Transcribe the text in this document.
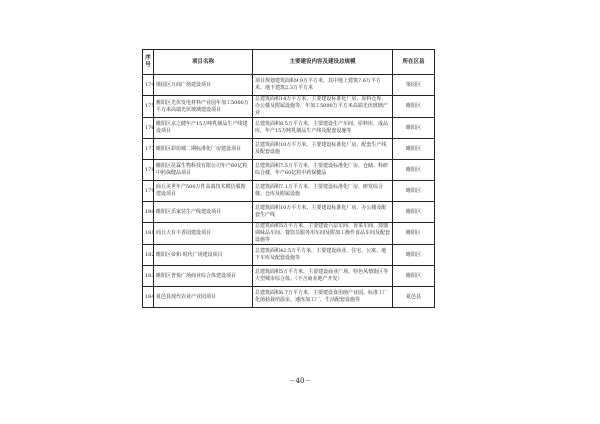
序号	项目名称	主要建设内容及建设总规模	所在区县
174	梁园区万商广场建设项目	项目规划建筑面积9.9万平方米，其中地上建筑7.6万平方米，地下建筑2.3万平方米	梁园区
175	雅阳区光伏发电材料产业园年加工5000万平方米高端光伏玻璃建设项目	总建筑面积14万平方米，主要建设标准化厂房、原料仓库、办公楼及附属设施等，年加工5000万平方米高端光伏玻璃产业	睢阳区
176	睢阳区京之健年产15万吨乳制品生产线建设项目	总建筑面积8.5万平方米，主要建设生产车间、原料库、成品库，年产15万吨乳制品生产线及配套设施等	睢阳区
177	睢阳区彩坊城二期标准化厂房建设项目	总建筑面积10万平方米，主要建设标准化厂房、配套生产线及配套设施	睢阳区
178	睢阳区昆霖生物科技有限公司年产60亿粒中药保健品项目	总建筑面积7.5万平方米，主要建设标准化厂房、仓储、科研综合楼，年产60亿粒中药保健品	睢阳区
179	商丘美世年产500万件高端技术模仿服饰建设项目	总建筑面积7.1万平方米，主要建设标准化厂房、研发综合楼、仓库及附属设施	睢阳区
180	睢阳区乐家装生产线建设项目	总建筑面积10万平方米，主要建设标准化厂房、办公楼及配套生产线	睢阳区
181	商丘大有丰香园建设项目	总建筑面积5万平方米，主要建设六层车间、香菜车间、蒸馏调味品车间、餐饮员服务用车间及附加工操作食品车间及配套设施等	睢阳区
182	睢阳区帝和·时代广场建设项目	总建筑面积42.5万平方米，主要建设商业、住宅、公寓、地下车库及配套设施等	睢阳区
183	睢阳区普悦广场商业综合体建设项目	总建筑面积5万平方米，主要建设商业广场、特色风情街区等大型城市综合体。（不含商业地产开发）	睢阳区
184	夏邑县现代农业产业园项目	总建筑面积6.7万平方米，主要建设食用菌产业园、标准工厂化菌菇栽培温室、速冻加工厂、生活配套设施等	夏邑县
－40－
